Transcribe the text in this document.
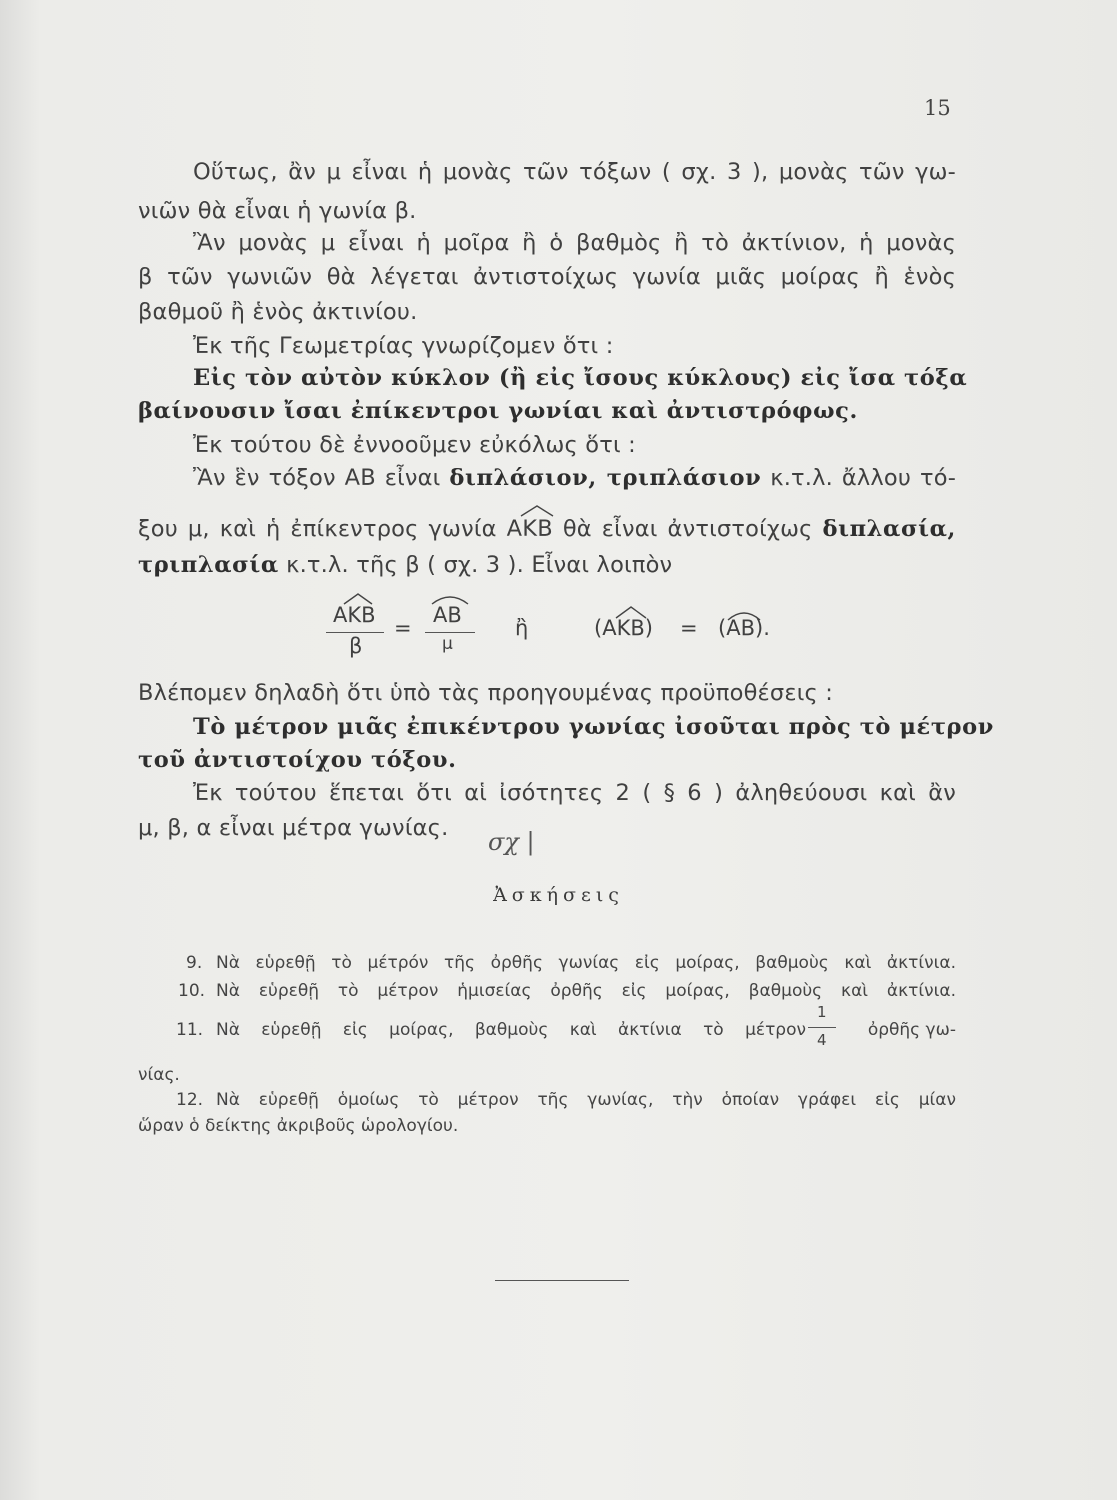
15
Οὕτως, ἂν μ εἶναι ἡ μονὰς τῶν τόξων ( σχ. 3 ), μονὰς τῶν γω-
νιῶν θὰ εἶναι ἡ γωνία β.
Ἂν μονὰς μ εἶναι ἡ μοῖρα ἢ ὁ βαθμὸς ἢ τὸ ἀκτίνιον, ἡ μονὰς
β τῶν γωνιῶν θὰ λέγεται ἀντιστοίχως γωνία μιᾶς μοίρας ἢ ἑνὸς
βαθμοῦ ἢ ἑνὸς ἀκτινίου.
Ἐκ τῆς Γεωμετρίας γνωρίζομεν ὅτι :
Εἰς τὸν αὐτὸν κύκλον (ἢ εἰς ἴσους κύκλους) εἰς ἴσα τόξα
βαίνουσιν ἴσαι ἐπίκεντροι γωνίαι καὶ ἀντιστρόφως.
Ἐκ τούτου δὲ ἐννοοῦμεν εὐκόλως ὅτι :
Ἂν ἓν τόξον ΑΒ εἶναι διπλάσιον, τριπλάσιον κ.τ.λ. ἄλλου τό-
ξου μ, καὶ ἡ ἐπίκεντρος γωνία ΑΚΒ θὰ εἶναι ἀντιστοίχως διπλασία,
τριπλασία κ.τ.λ. τῆς β ( σχ. 3 ). Εἶναι λοιπὸν
ΑΚΒ
β
=
ΑΒ
μ
ἢ	(
ΑΚΒ) = (
ΑΒ).
Βλέπομεν δηλαδὴ ὅτι ὑπὸ τὰς προηγουμένας προϋποθέσεις :
Τὸ μέτρον μιᾶς ἐπικέντρου γωνίας ἰσοῦται πρὸς τὸ μέτρον
τοῦ ἀντιστοίχου τόξου.
Ἐκ τούτου ἕπεται ὅτι αἱ ἰσότητες 2 ( § 6 ) ἀληθεύουσι καὶ ἂν
μ, β, α εἶναι μέτρα γωνίας.	σχ |
Ἀσκήσεις
9. Νὰ εὑρεθῇ τὸ μέτρόν τῆς ὀρθῆς γωνίας εἰς μοίρας, βαθμοὺς καὶ ἀκτίνια.
10. Νὰ εὑρεθῇ τὸ μέτρον ἡμισείας ὀρθῆς εἰς μοίρας, βαθμοὺς καὶ ἀκτίνια.
11. Νὰ εὑρεθῇ εἰς μοίρας, βαθμοὺς καὶ ἀκτίνια τὸ μέτρον
1
4	ὀρθῆς γω-
νίας.
12. Νὰ εὑρεθῇ ὁμοίως τὸ μέτρον τῆς γωνίας, τὴν ὁποίαν γράφει εἰς μίαν
ὥραν ὁ δείκτης ἀκριβοῦς ὡρολογίου.
